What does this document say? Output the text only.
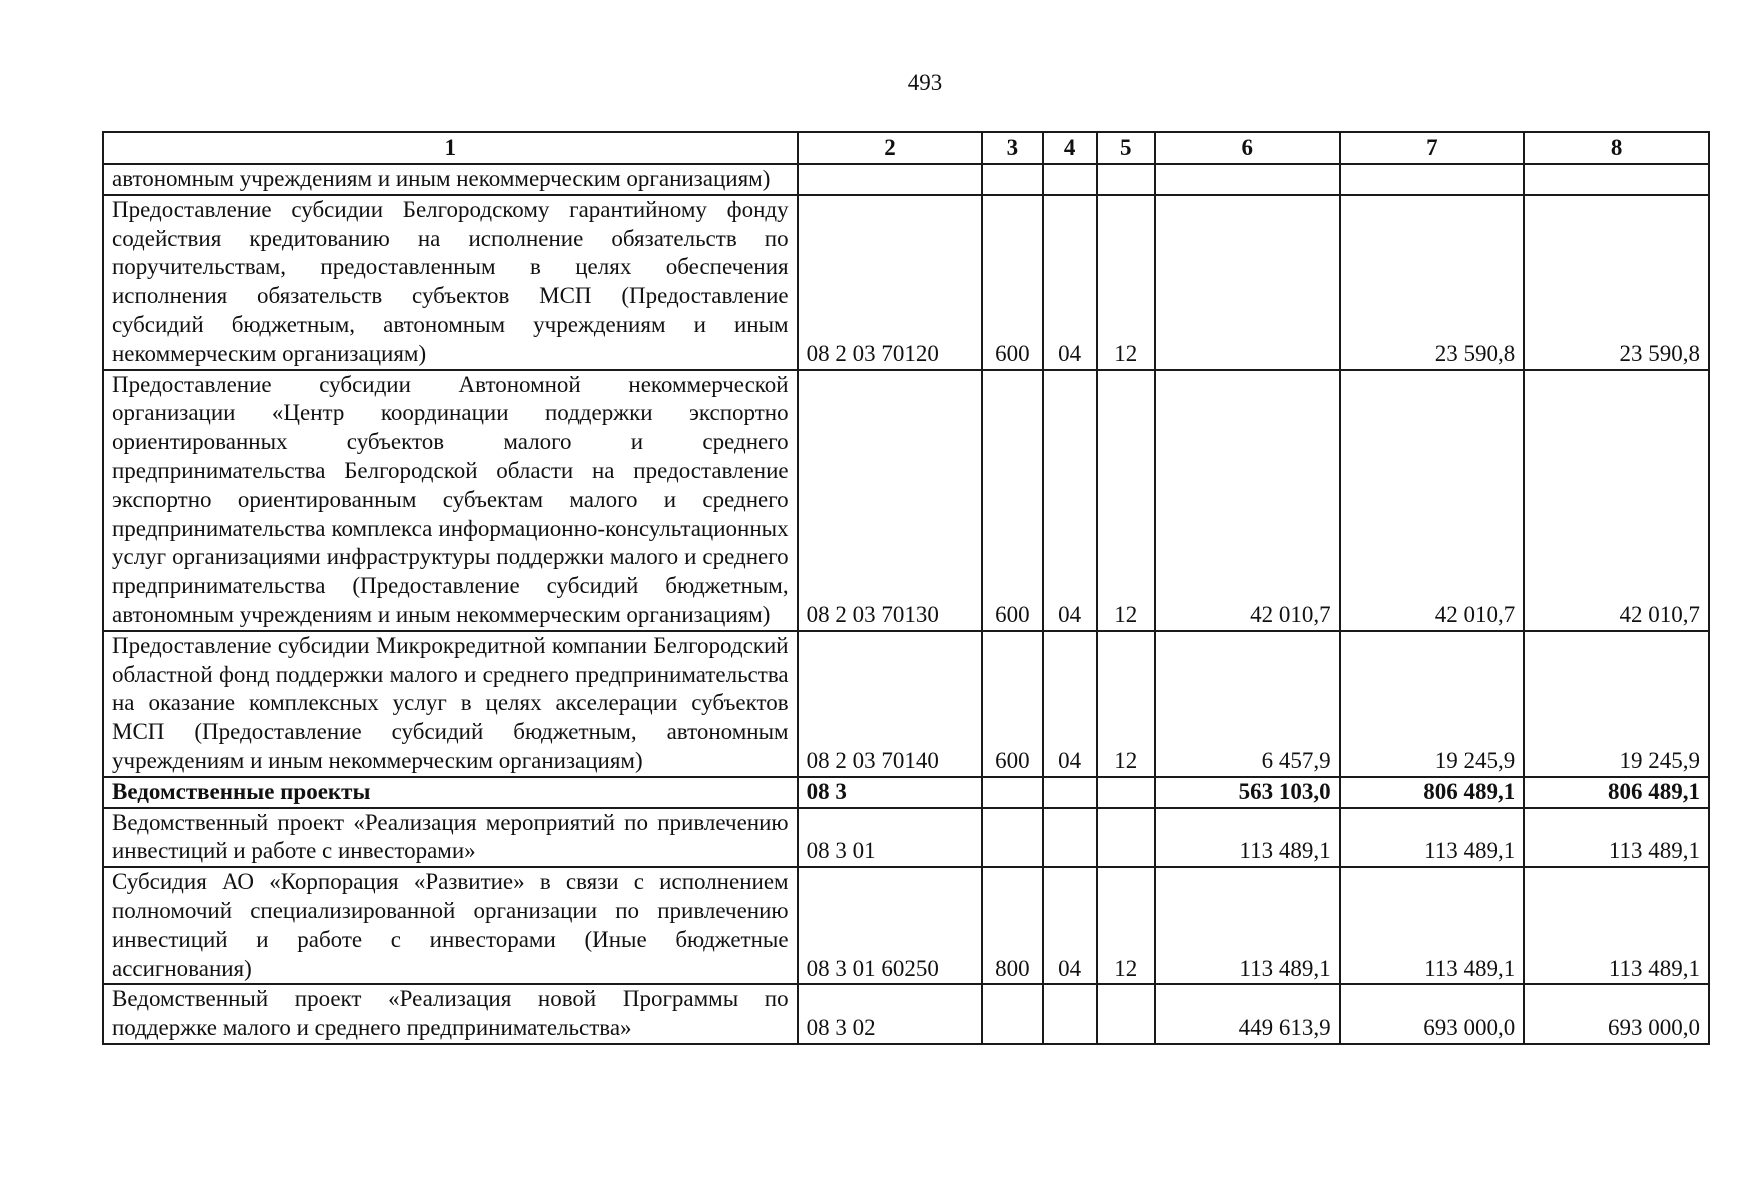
493
1	2	3	4	5	6	7	8
автономным учреждениям и иным некоммерческим организациям)							
Предоставление субсидии Белгородскому гарантийному фонду содействия кредитованию на исполнение обязательств по поручительствам, предоставленным в целях обеспечения исполнения обязательств субъектов МСП (Предоставление субсидий бюджетным, автономным учреждениям и иным некоммерческим организациям)	08 2 03 70120	600	04	12		23 590,8	23 590,8
Предоставление субсидии Автономной некоммерческой организации «Центр координации поддержки экспортно ориентированных субъектов малого и среднего предпринимательства Белгородской области на предоставление экспортно ориентированным субъектам малого и среднего предпринимательства комплекса информационно-консультационных услуг организациями инфраструктуры поддержки малого и среднего предпринимательства (Предоставление субсидий бюджетным, автономным учреждениям и иным некоммерческим организациям)	08 2 03 70130	600	04	12	42 010,7	42 010,7	42 010,7
Предоставление субсидии Микрокредитной компании Белгородский областной фонд поддержки малого и среднего предпринимательства на оказание комплексных услуг в целях акселерации субъектов МСП (Предоставление субсидий бюджетным, автономным учреждениям и иным некоммерческим организациям)	08 2 03 70140	600	04	12	6 457,9	19 245,9	19 245,9
Ведомственные проекты	08 3				563 103,0	806 489,1	806 489,1
Ведомственный проект «Реализация мероприятий по привлечению инвестиций и работе с инвесторами»	08 3 01				113 489,1	113 489,1	113 489,1
Субсидия АО «Корпорация «Развитие» в связи с исполнением полномочий специализированной организации по привлечению инвестиций и работе с инвесторами (Иные бюджетные ассигнования)	08 3 01 60250	800	04	12	113 489,1	113 489,1	113 489,1
Ведомственный проект «Реализация новой Программы по поддержке малого и среднего предпринимательства»	08 3 02				449 613,9	693 000,0	693 000,0
